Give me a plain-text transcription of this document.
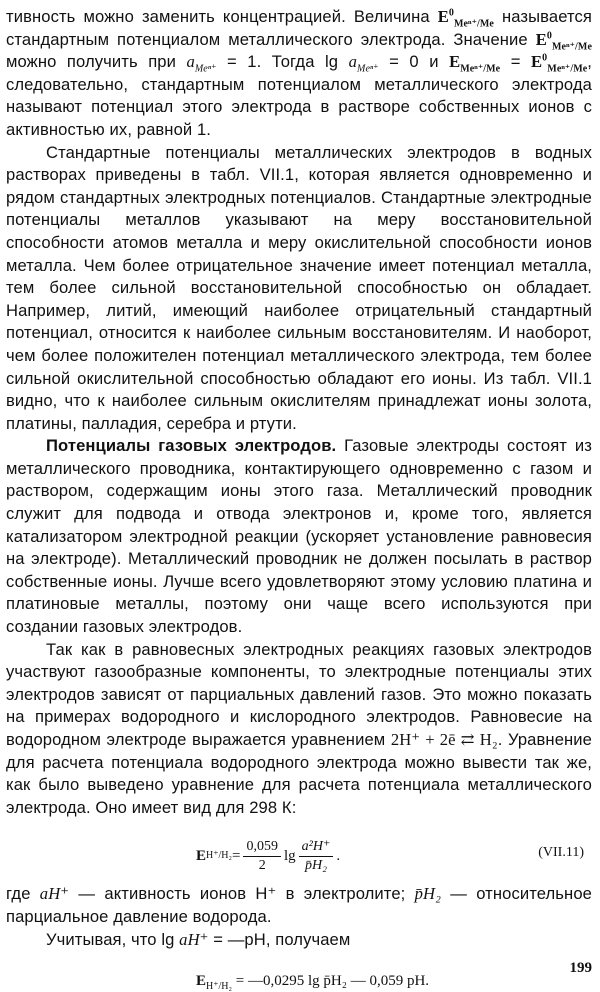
тивность можно заменить концентрацией. Величина $E^0_{Me^{n+}/Me}$ называется стандартным потенциалом металлического электрода. Значение $E^0_{Me^{n+}/Me}$ можно получить при $a_{Me^{n+}} = 1$. Тогда $\lg a_{Me^{n+}} = 0$ и $E_{Me^{n+}/Me} = E^0_{Me^{n+}/Me}$, следовательно, стандартным потенциалом металлического электрода называют потенциал этого электрода в растворе собственных ионов с активностью их, равной 1.

Стандартные потенциалы металлических электродов в водных растворах приведены в табл. VII.1, которая является одновременно и рядом стандартных электродных потенциалов. Стандартные электродные потенциалы металлов указывают на меру восстановительной способности атомов металла и меру окислительной способности ионов металла. Чем более отрицательное значение имеет потенциал металла, тем более сильной восстановительной способностью он обладает. Например, литий, имеющий наиболее отрицательный стандартный потенциал, относится к наиболее сильным восстановителям. И наоборот, чем более положителен потенциал металлического электрода, тем более сильной окислительной способностью обладают его ионы. Из табл. VII.1 видно, что к наиболее сильным окислителям принадлежат ионы золота, платины, палладия, серебра и ртути.

Потенциалы газовых электродов. Газовые электроды состоят из металлического проводника, контактирующего одновременно с газом и раствором, содержащим ионы этого газа. Металлический проводник служит для подвода и отвода электронов и, кроме того, является катализатором электродной реакции (ускоряет установление равновесия на электроде). Металлический проводник не должен посылать в раствор собственные ионы. Лучше всего удовлетворяют этому условию платина и платиновые металлы, поэтому они чаще всего используются при создании газовых электродов.

Так как в равновесных электродных реакциях газовых электродов участвуют газообразные компоненты, то электродные потенциалы этих электродов зависят от парциальных давлений газов. Это можно показать на примерах водородного и кислородного электродов. Равновесие на водородном электроде выражается уравнением 2H⁺ + 2ē ⇄ H₂. Уравнение для расчета потенциала водородного электрода можно вывести так же, как было выведено уравнение для расчета потенциала металлического электрода. Оно имеет вид для 298 К:

E $H^+/H_2 = \frac{0,059}{2}$ $\lg \frac{\text{a²H⁺}}{\text{p̄H₂}}$ .	(VII.11)

где aH⁺ — активность ионов H⁺ в электролите; p̄H₂ — относительное парциальное давление водорода.

Учитывая, что lg aH⁺ = —pH, получаем

$E_{H^+/H_2}$ = —0,0295 lg p̄H₂ — 0,059 pH.
199
